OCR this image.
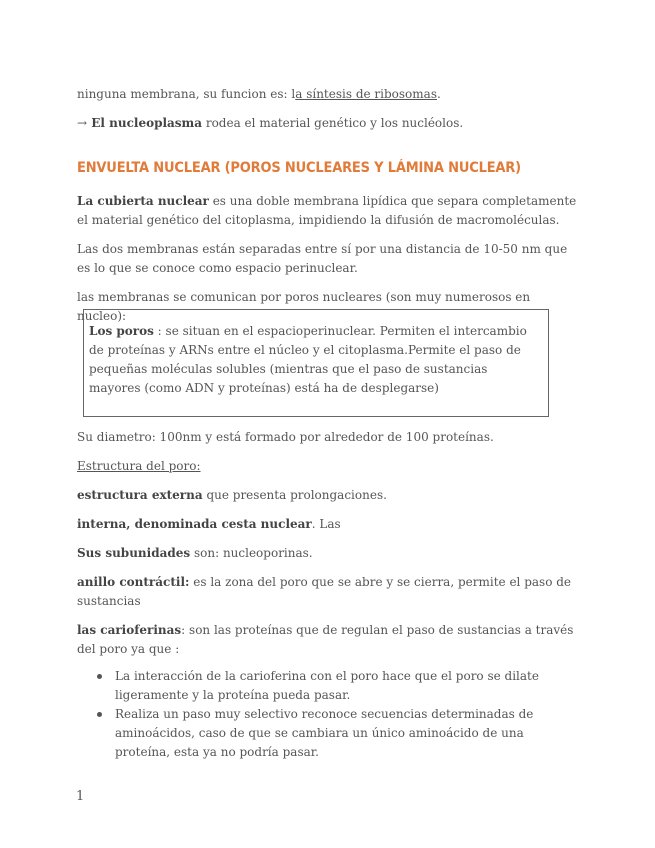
ninguna membrana, su funcion es: la síntesis de ribosomas.

→ El nucleoplasma rodea el material genético y los nucléolos.

ENVUELTA NUCLEAR (POROS NUCLEARES Y LÁMINA NUCLEAR)

La cubierta nuclear es una doble membrana lipídica que separa completamente el material genético del citoplasma, impidiendo la difusión de macromoléculas.

Las dos membranas están separadas entre sí por una distancia de 10-50 nm que es lo que se conoce como espacio perinuclear.

las membranas se comunican por poros nucleares (son muy numerosos en nucleo):

Los poros : se situan en el espacioperinuclear. Permiten el intercambio de proteínas y ARNs entre el núcleo y el citoplasma.Permite el paso de pequeñas moléculas solubles (mientras que el paso de sustancias mayores (como ADN y proteínas) está ha de desplegarse)

Su diametro: 100nm y está formado por alrededor de 100 proteínas.

Estructura del poro:

estructura externa que presenta prolongaciones.

interna, denominada cesta nuclear. Las

Sus subunidades son: nucleoporinas.

anillo contráctil: es la zona del poro que se abre y se cierra, permite el paso de sustancias

las carioferinas: son las proteínas que de regulan el paso de sustancias a través del poro ya que :

La interacción de la carioferina con el poro hace que el poro se dilate ligeramente y la proteína pueda pasar.
Realiza un paso muy selectivo reconoce secuencias determinadas de aminoácidos, caso de que se cambiara un único aminoácido de una proteína, esta ya no podría pasar.
1
